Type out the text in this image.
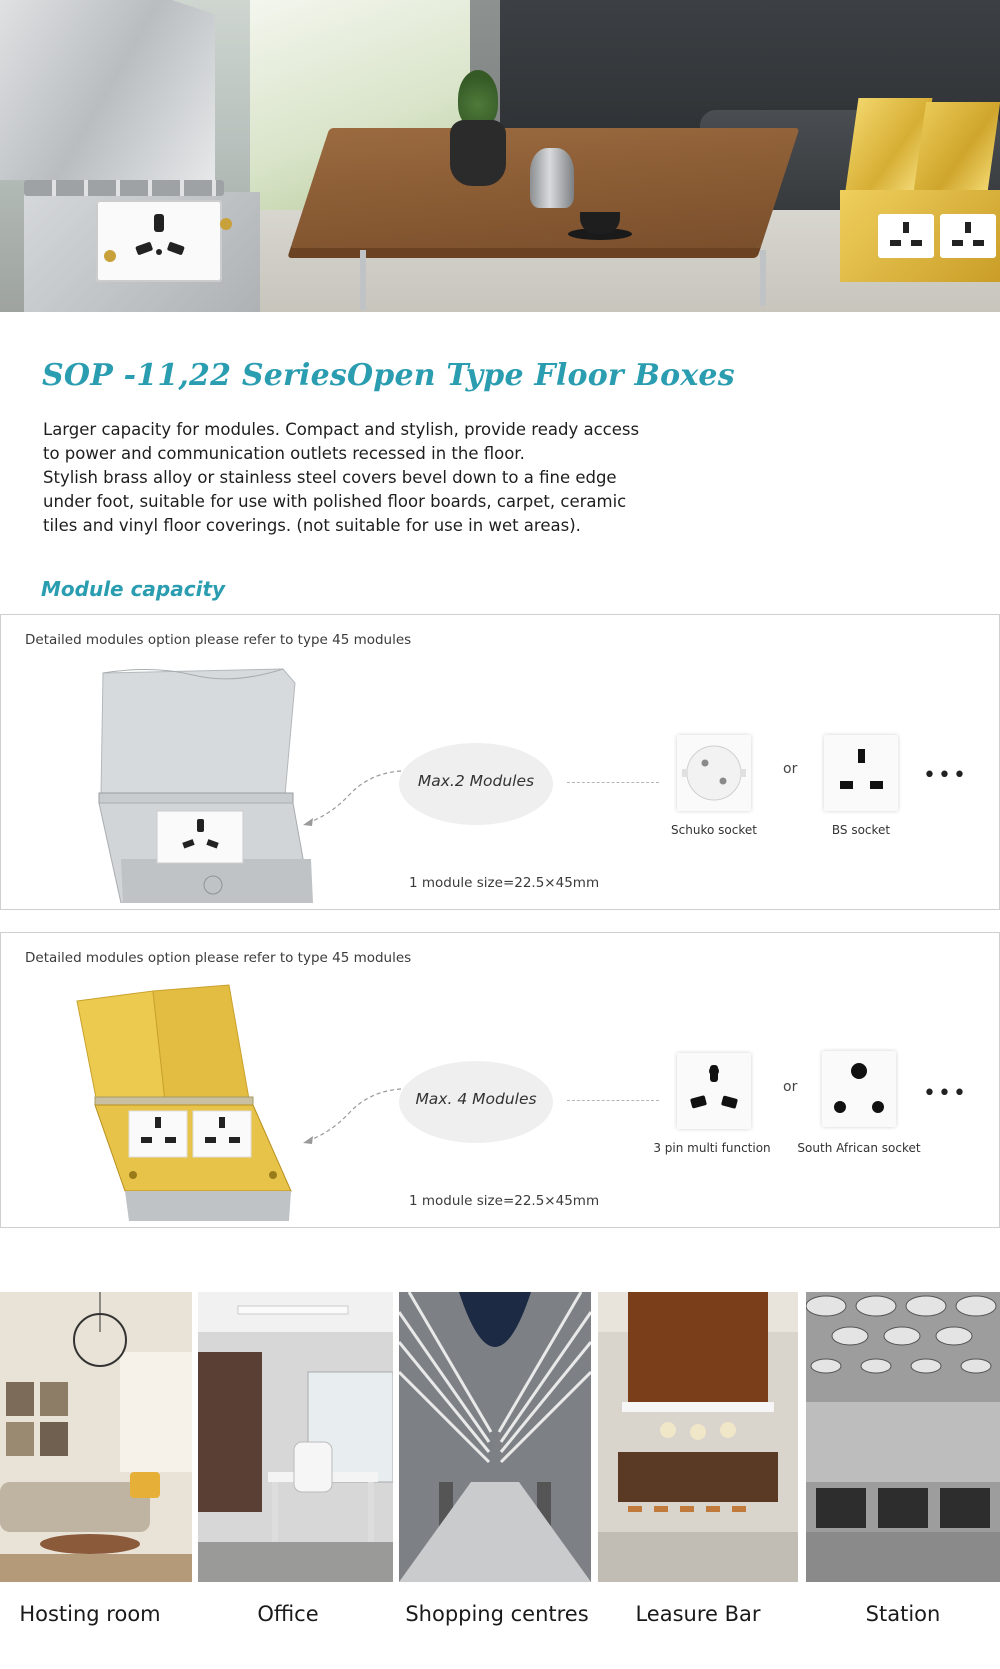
SOP -11,22 SeriesOpen Type Floor Boxes

Larger capacity for modules. Compact and stylish, provide ready access

to power and communication outlets recessed in the floor.

Stylish brass alloy or stainless steel covers bevel down to a fine edge

under foot, suitable for use with polished floor boards, carpet, ceramic

tiles and vinyl floor coverings. (not suitable for use in wet areas).

Module capacity
Detailed modules option please refer to type 45 modules
Max.2 Modules
Schuko socket
or
BS socket
•••
1 module size=22.5×45mm
Detailed modules option please refer to type 45 modules
Max. 4 Modules
3 pin multi function
or
South African socket
•••
1 module size=22.5×45mm
Hosting room	Office	Shopping centres	Leasure Bar	Station
